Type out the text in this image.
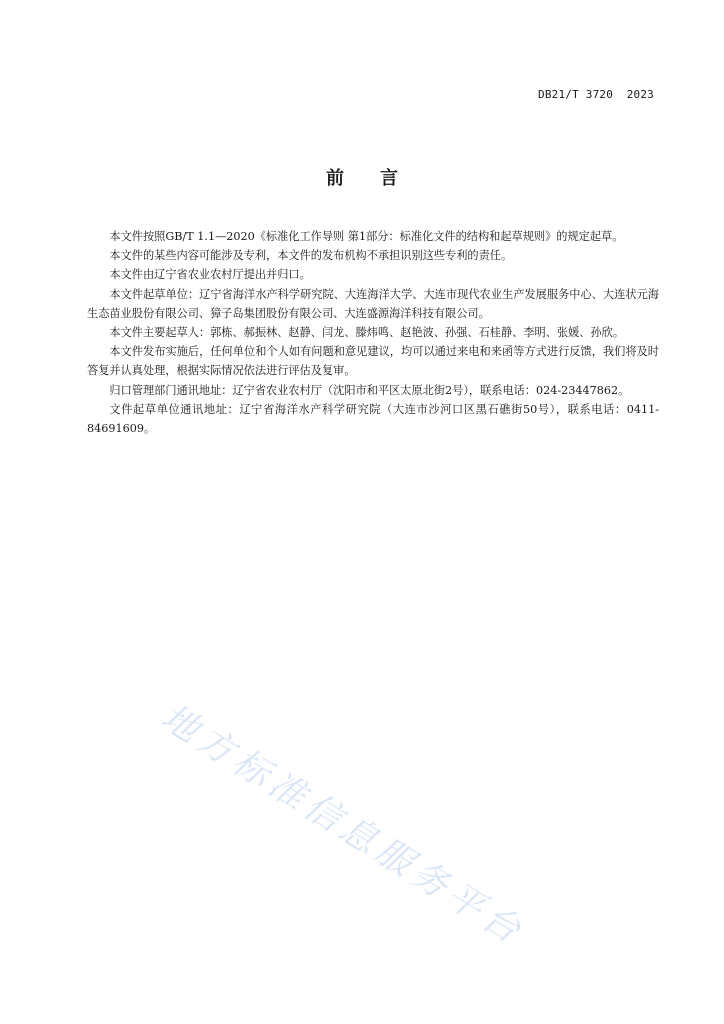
DB21/T 3720  2023
前 言

本文件按照GB/T 1.1—2020《标准化工作导则 第1部分：标准化文件的结构和起草规则》的规定起草。

本文件的某些内容可能涉及专利，本文件的发布机构不承担识别这些专利的责任。

本文件由辽宁省农业农村厅提出并归口。

本文件起草单位：辽宁省海洋水产科学研究院、大连海洋大学、大连市现代农业生产发展服务中心、大连状元海生态苗业股份有限公司、獐子岛集团股份有限公司、大连盛源海洋科技有限公司。

本文件主要起草人：郭栋、郝振林、赵静、闫龙、滕炜鸣、赵艳波、孙强、石桂静、李明、张媛、孙欣。

本文件发布实施后，任何单位和个人如有问题和意见建议，均可以通过来电和来函等方式进行反馈，我们将及时答复并认真处理，根据实际情况依法进行评估及复审。

归口管理部门通讯地址：辽宁省农业农村厅（沈阳市和平区太原北街2号），联系电话：024-23447862。

文件起草单位通讯地址：辽宁省海洋水产科学研究院（大连市沙河口区黑石礁街50号），联系电话：0411-84691609。

地方标准信息服务平台
